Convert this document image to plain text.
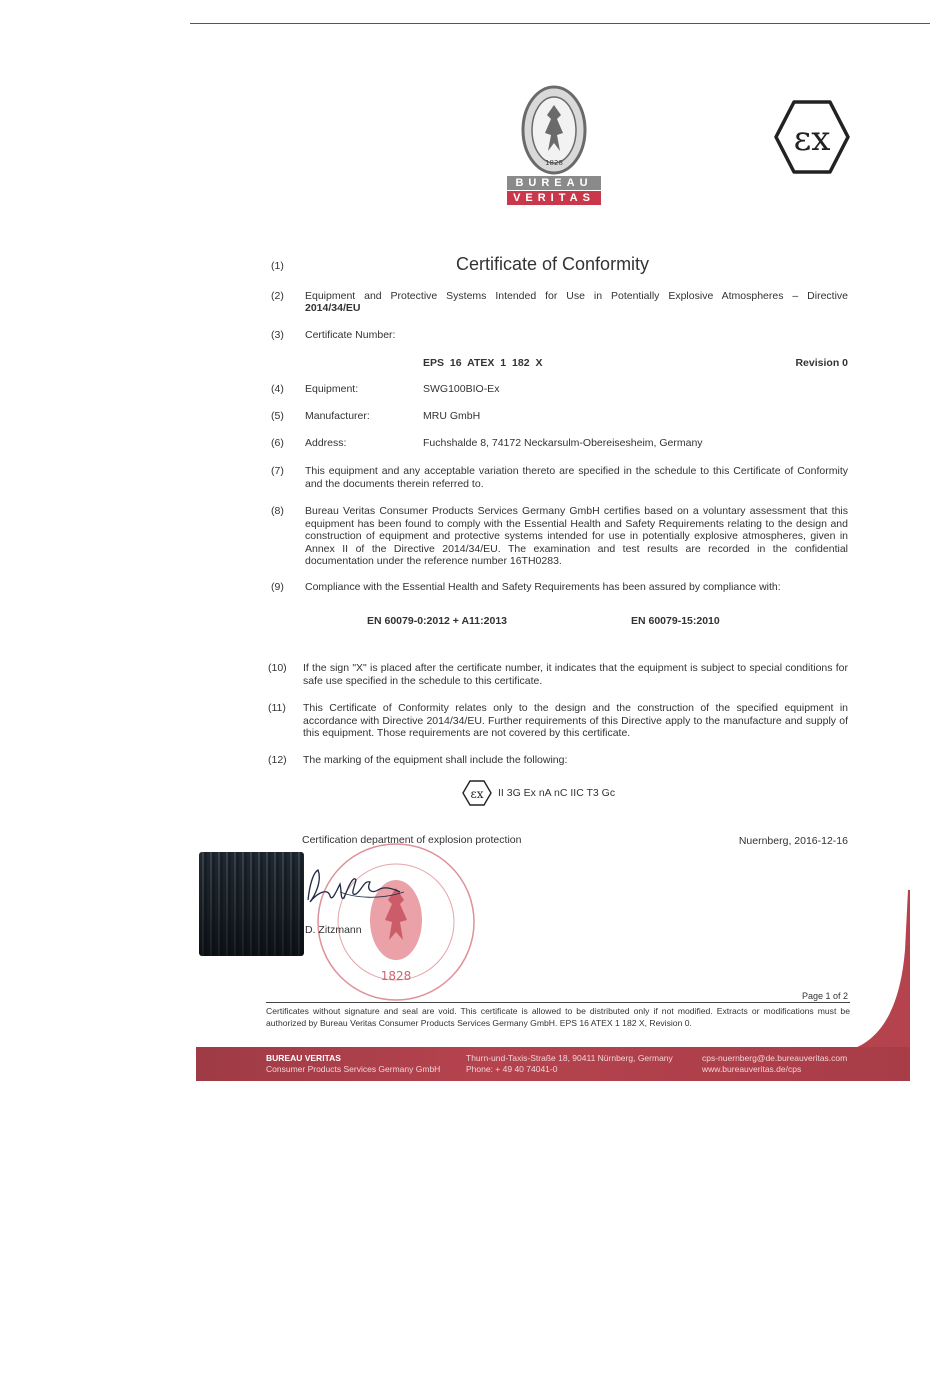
1828
BUREAU
VERITAS
εx
Certificate of Conformity
(1)
(2) Equipment and Protective Systems Intended for Use in Potentially Explosive Atmospheres – Directive
2014/34/EU
(3) Certificate Number:
EPS 16 ATEX 1 182 X	Revision 0
(4) Equipment:	SWG100BIO-Ex
(5) Manufacturer:	MRU GmbH
(6) Address:	Fuchshalde 8, 74172 Neckarsulm-Obereisesheim, Germany
(7) This equipment and any acceptable variation thereto are specified in the schedule to this Certificate of Conformity and the documents therein referred to.
(8) Bureau Veritas Consumer Products Services Germany GmbH certifies based on a voluntary assessment that this equipment has been found to comply with the Essential Health and Safety Requirements relating to the design and construction of equipment and protective systems intended for use in potentially explosive atmospheres, given in Annex II of the Directive 2014/34/EU. The examination and test results are recorded in the confidential documentation under the reference number 16TH0283.
(9) Compliance with the Essential Health and Safety Requirements has been assured by compliance with:
EN 60079-0:2012 + A11:2013	EN 60079-15:2010
(10) If the sign "X" is placed after the certificate number, it indicates that the equipment is subject to special conditions for safe use specified in the schedule to this certificate.
(11) This Certificate of Conformity relates only to the design and the construction of the specified equipment in accordance with Directive 2014/34/EU. Further requirements of this Directive apply to the manufacture and supply of this equipment. Those requirements are not covered by this certificate.
(12) The marking of the equipment shall include the following:
εx II 3G Ex nA nC IIC T3 Gc
1828
Certification department of explosion protection	Nuernberg, 2016-12-16
D. Zitzmann
Page 1 of 2
Certificates without signature and seal are void. This certificate is allowed to be distributed only if not modified. Extracts or modifications must be authorized by Bureau Veritas Consumer Products Services Germany GmbH. EPS 16 ATEX 1 182 X, Revision 0.
BUREAU VERITAS
Consumer Products Services Germany GmbH
Thurn-und-Taxis-Straße 18, 90411 Nürnberg, Germany
Phone: + 49 40 74041-0
cps-nuernberg@de.bureauveritas.com
www.bureauveritas.de/cps
